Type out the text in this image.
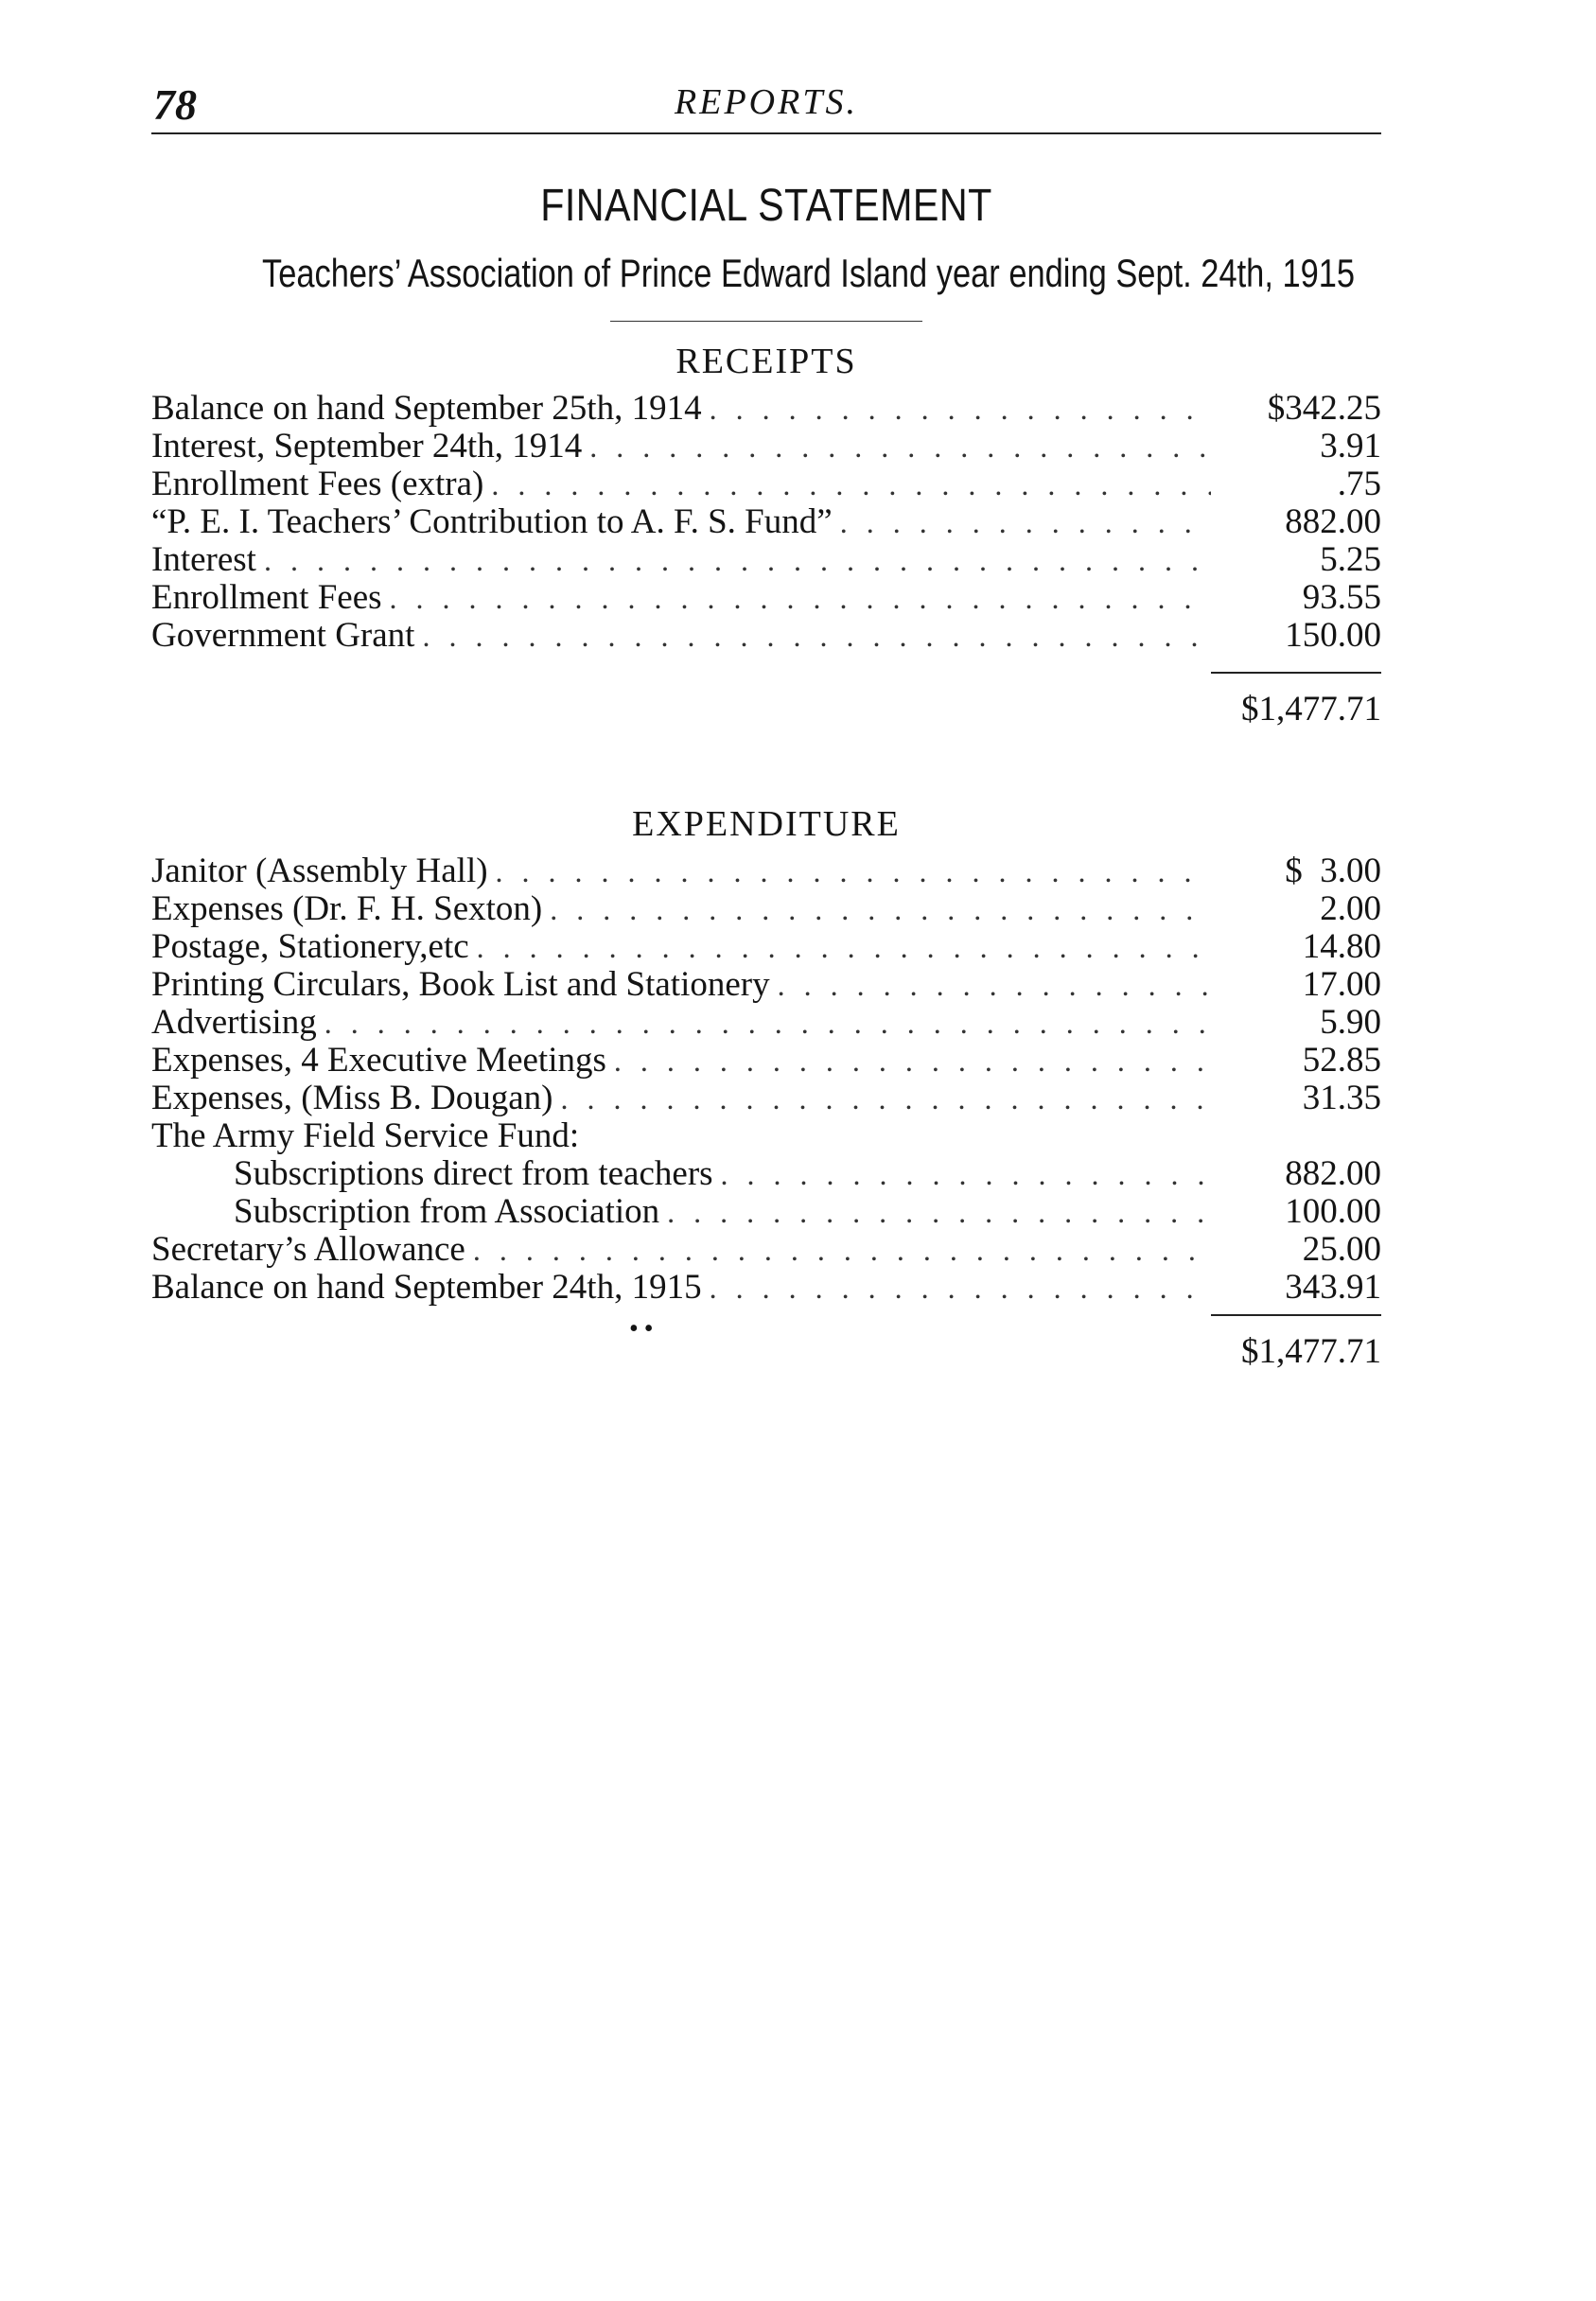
78	REPORTS.
FINANCIAL STATEMENT
Teachers’ Association of Prince Edward Island year ending Sept. 24th, 1915
RECEIPTS
Balance on hand September 25th, 1914 . . .	$342.25
Interest, September 24th, 1914 . . .	3.91
Enrollment Fees (extra) . . .	.75
“P. E. I. Teachers’ Contribution to A. F. S. Fund” . . .	882.00
Interest . . .	5.25
Enrollment Fees . . .	93.55
Government Grant . . .	150.00
$1,477.71
EXPENDITURE
Janitor (Assembly Hall) . . .	$  3.00
Expenses (Dr. F. H. Sexton) . . .	2.00
Postage, Stationery,etc . . .	14.80
Printing Circulars, Book List and Stationery . . .	17.00
Advertising . . .	5.90
Expenses, 4 Executive Meetings . . .	52.85
Expenses, (Miss B. Dougan) . . .	31.35
The Army Field Service Fund:
Subscriptions direct from teachers . . .	882.00
Subscription from Association . . .	100.00
Secretary’s Allowance . . .	25.00
Balance on hand September 24th, 1915 . . .	343.91
••
$1,477.71
